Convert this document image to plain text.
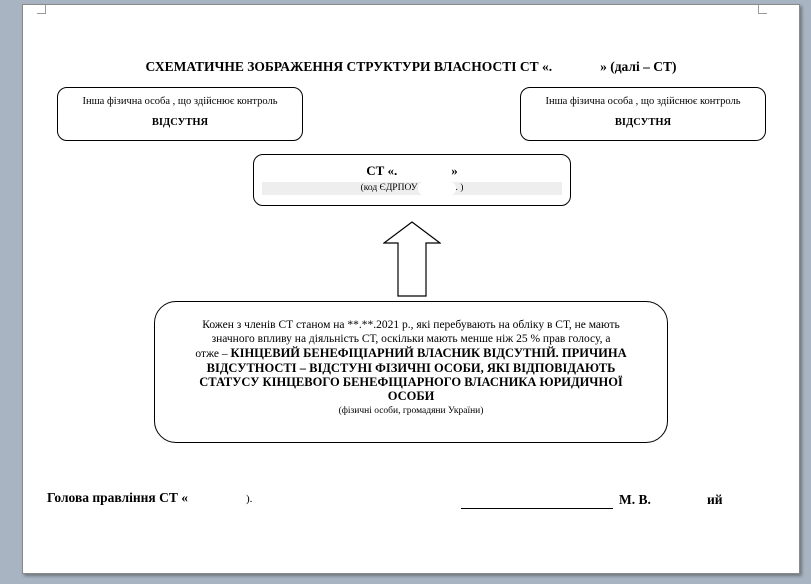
СХЕМАТИЧНЕ ЗОБРАЖЕННЯ СТРУКТУРИ ВЛАСНОСТІ СТ «.	» (далі – СТ)
Інша фізична особа , що здійснює контроль
ВІДСУТНЯ
Інша фізична особа , що здійснює контроль
ВІДСУТНЯ
СТ «.	»
(код ЄДРПОУ	. )
Кожен з членів СТ станом на **.**.2021 р., які перебувають на обліку в СТ, не мають
значного впливу на діяльність СТ, оскільки мають менше ніж 25 % прав голосу, а
отже – КІНЦЕВИЙ БЕНЕФІЦІАРНИЙ ВЛАСНИК ВІДСУТНІЙ. ПРИЧИНА
ВІДСУТНОСТІ – ВІДСТУНІ ФІЗИЧНІ ОСОБИ, ЯКІ ВІДПОВІДАЮТЬ
СТАТУСУ КІНЦЕВОГО БЕНЕФІЦІАРНОГО ВЛАСНИКА ЮРИДИЧНОЇ
ОСОБИ
(фізичні особи, громадяни України)
Голова правління СТ «	).	М. В.	ий
